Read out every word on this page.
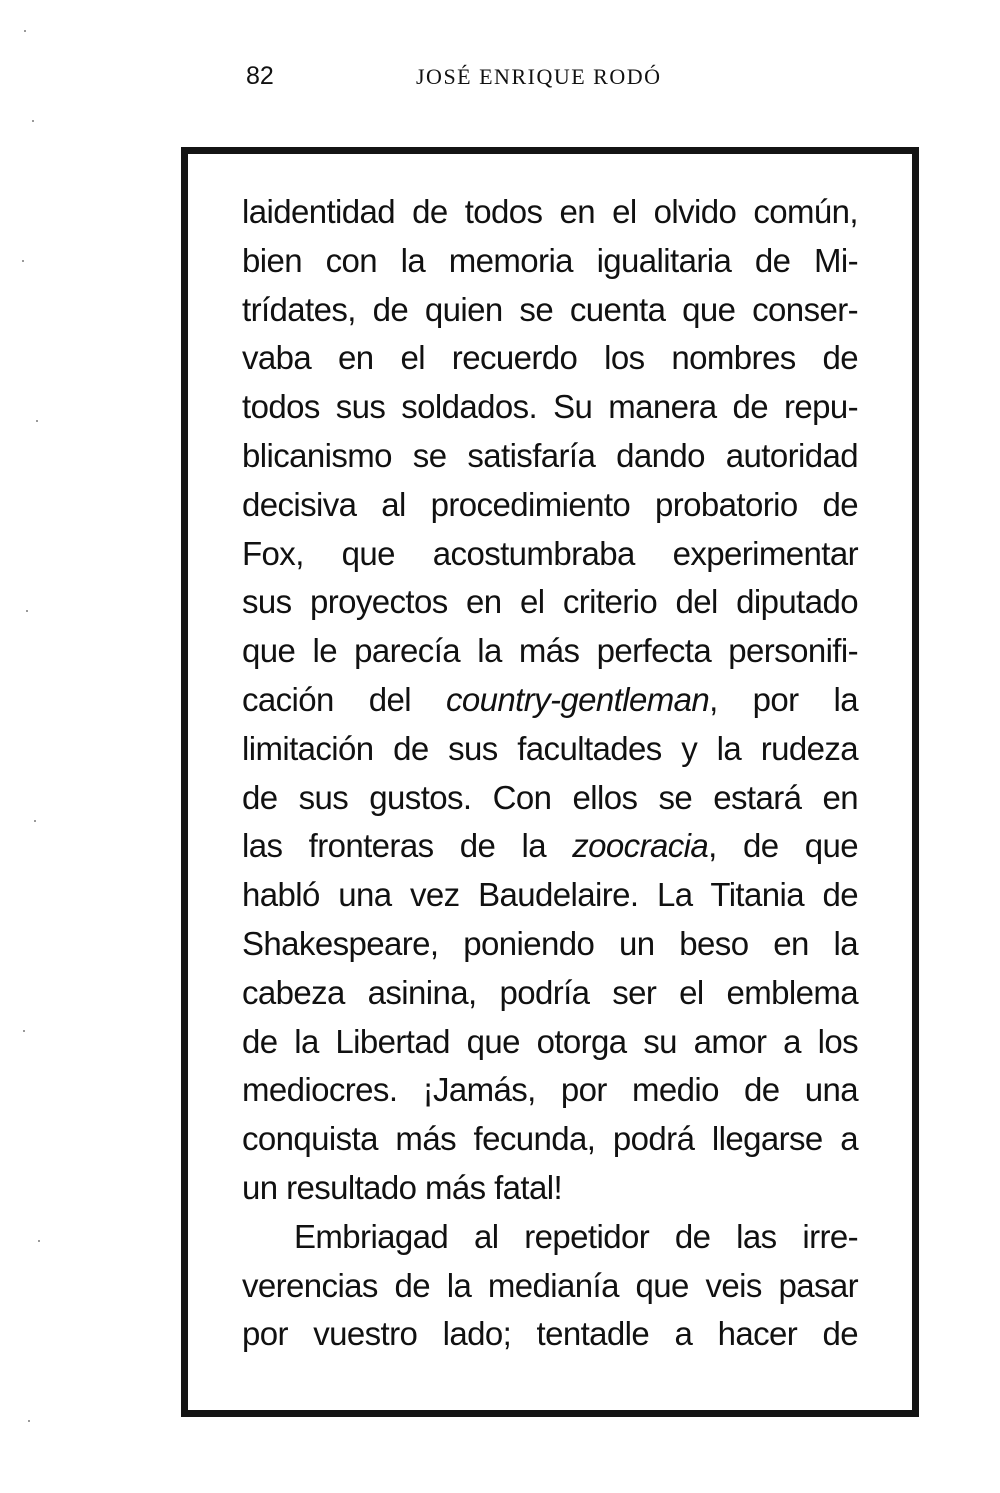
82	JOSÉ ENRIQUE RODÓ
laidentidad de todos en el olvido común,
bien con la memoria igualitaria de Mi-
trídates, de quien se cuenta que conser-
vaba en el recuerdo los nombres de
todos sus soldados. Su manera de repu-
blicanismo se satisfaría dando autoridad
decisiva al procedimiento probatorio de
Fox, que acostumbraba experimentar
sus proyectos en el criterio del diputado
que le parecía la más perfecta personifi-
cación del country-gentleman, por la
limitación de sus facultades y la rudeza
de sus gustos. Con ellos se estará en
las fronteras de la zoocracia, de que
habló una vez Baudelaire. La Titania de
Shakespeare, poniendo un beso en la
cabeza asinina, podría ser el emblema
de la Libertad que otorga su amor a los
mediocres. ¡Jamás, por medio de una
conquista más fecunda, podrá llegarse a
un resultado más fatal!
Embriagad al repetidor de las irre-
verencias de la medianía que veis pasar
por vuestro lado; tentadle a hacer de
